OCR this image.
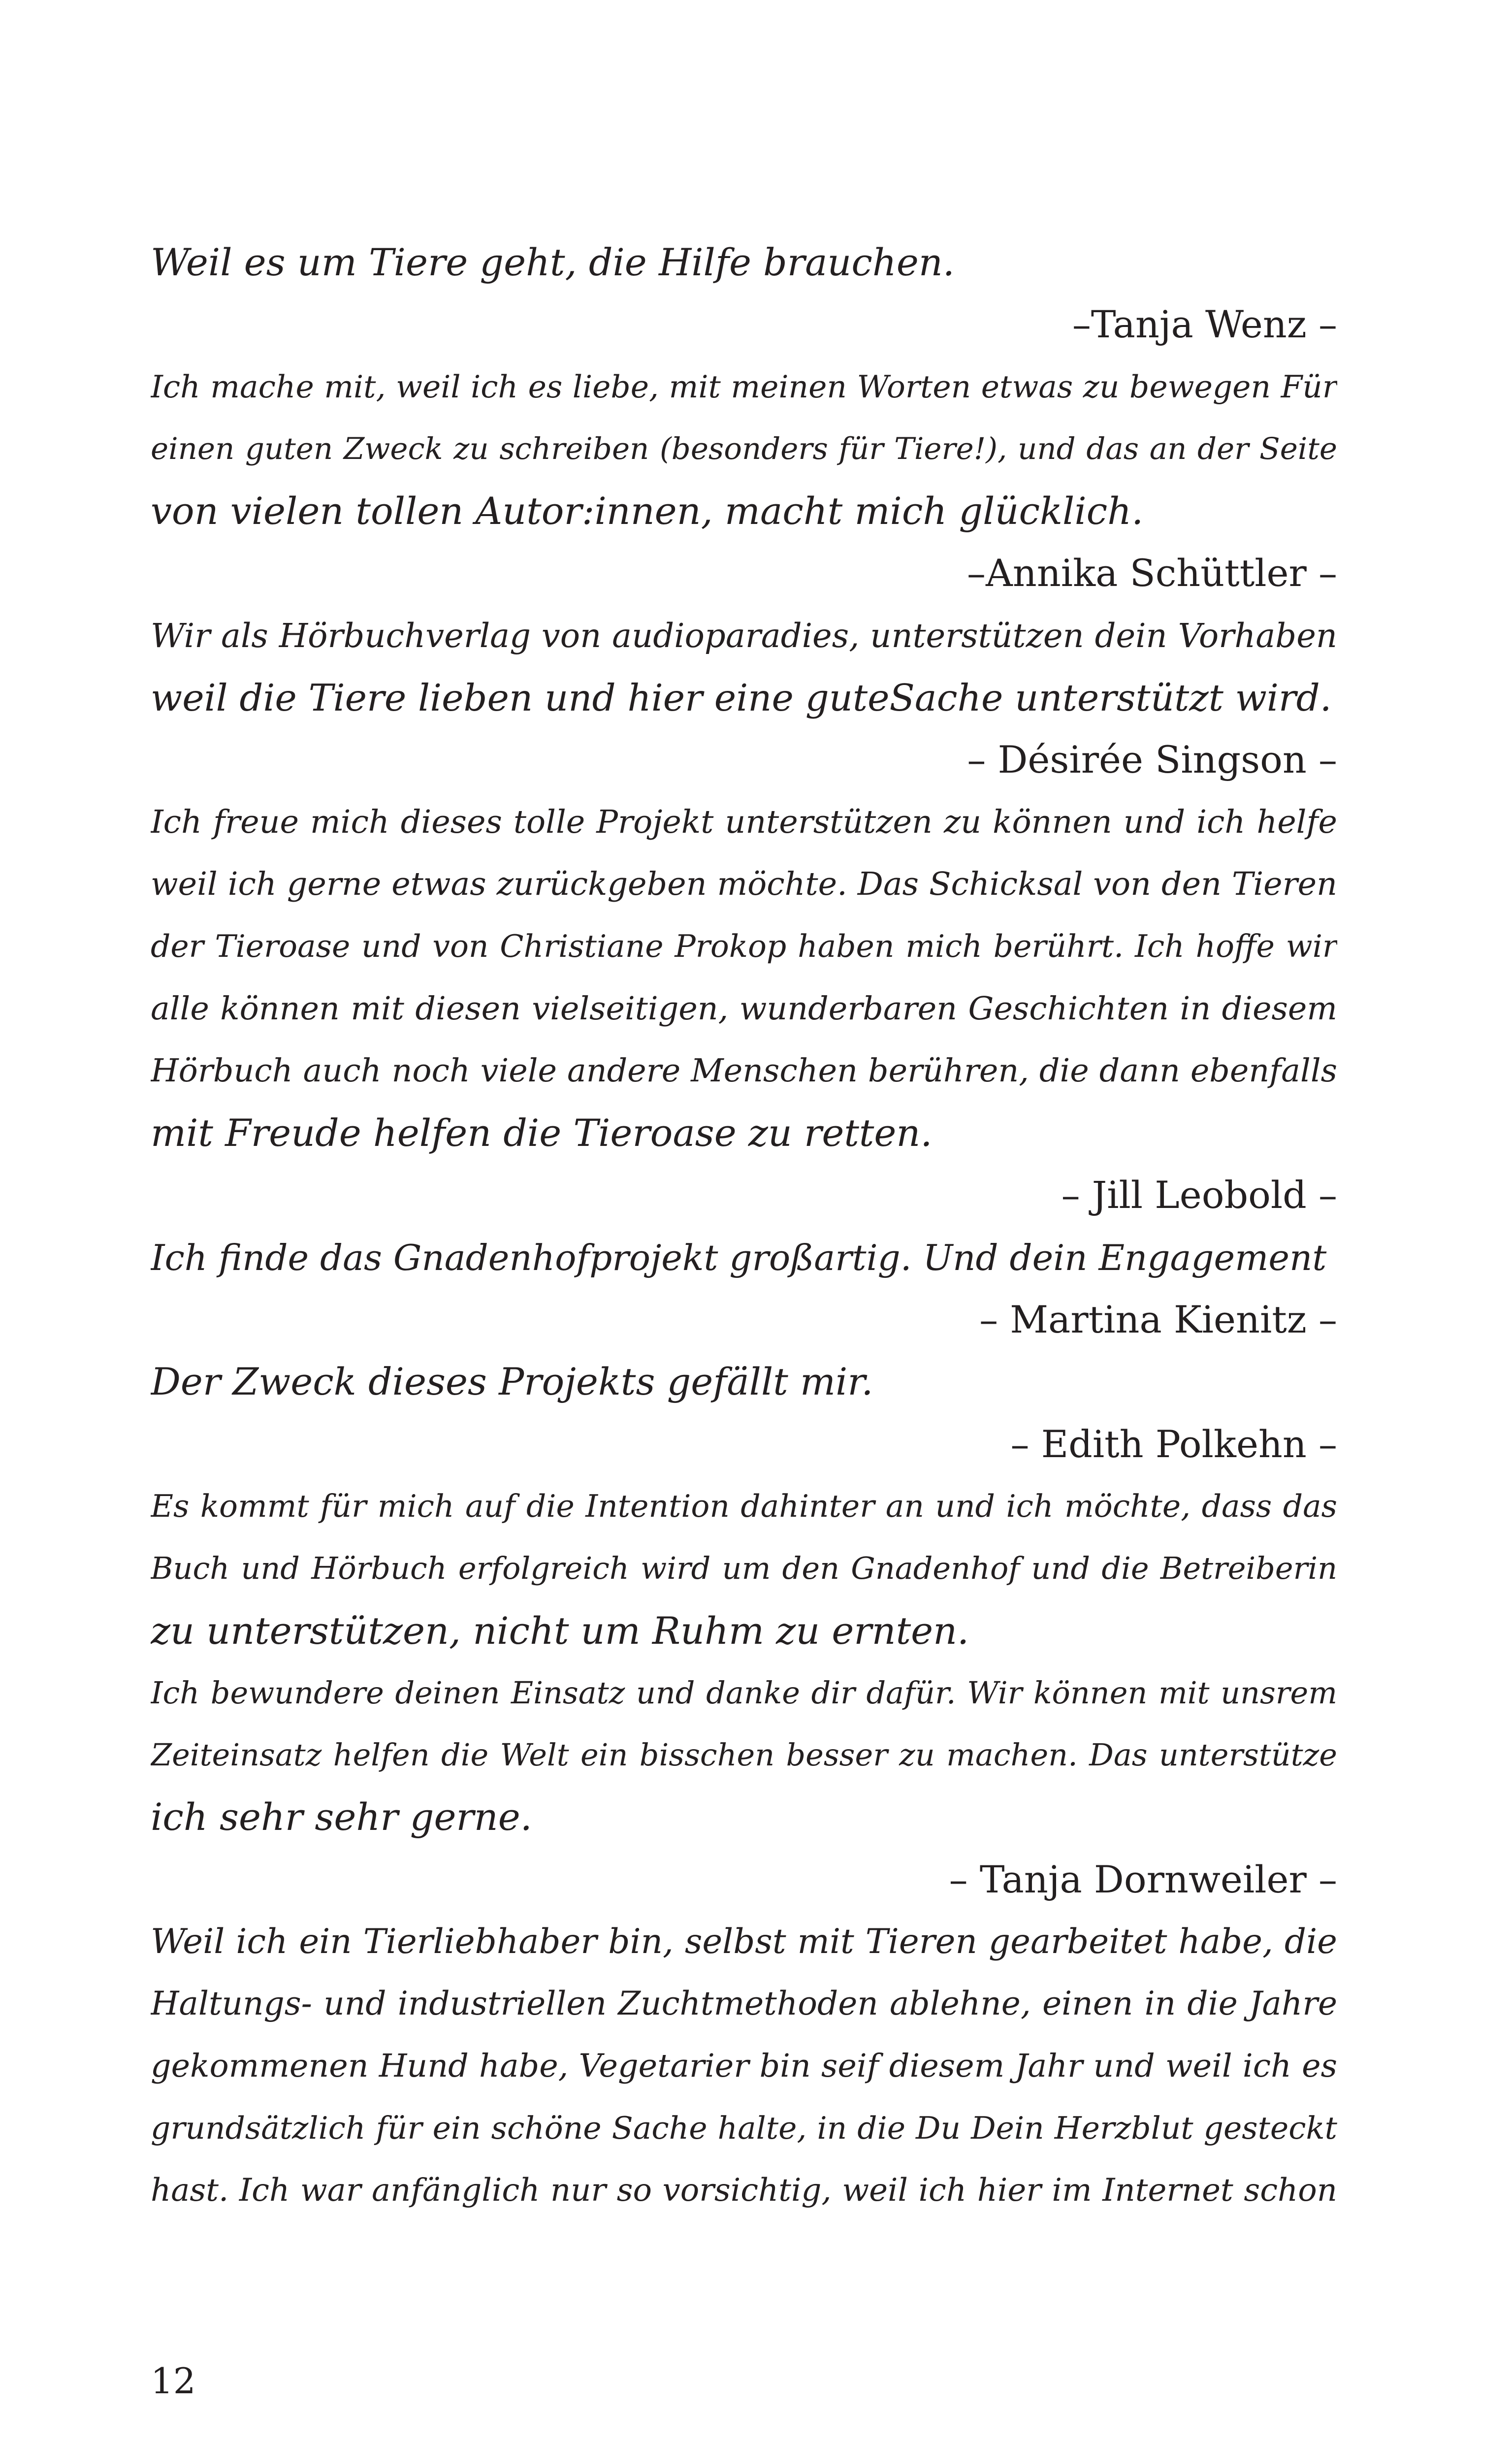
Weil es um Tiere geht, die Hilfe brauchen.
–Tanja Wenz –
Ich mache mit, weil ich es liebe, mit meinen Worten etwas zu bewegen Für
einen guten Zweck zu schreiben (besonders für Tiere!), und das an der Seite
von vielen tollen Autor:innen, macht mich glücklich.
–Annika Schüttler –
Wir als Hörbuchverlag von audioparadies, unterstützen dein Vorhaben
weil die Tiere lieben und hier eine guteSache unterstützt wird.
– Désirée Singson –
Ich freue mich dieses tolle Projekt unterstützen zu können und ich helfe
weil ich gerne etwas zurückgeben möchte. Das Schicksal von den Tieren
der Tieroase und von Christiane Prokop haben mich berührt. Ich hoffe wir
alle können mit diesen vielseitigen, wunderbaren Geschichten in diesem
Hörbuch auch noch viele andere Menschen berühren, die dann ebenfalls
mit Freude helfen die Tieroase zu retten.
– Jill Leobold –
Ich finde das Gnadenhofprojekt großartig. Und dein Engagement
– Martina Kienitz –
Der Zweck dieses Projekts gefällt mir.
– Edith Polkehn –
Es kommt für mich auf die Intention dahinter an und ich möchte, dass das
Buch und Hörbuch erfolgreich wird um den Gnadenhof und die Betreiberin
zu unterstützen, nicht um Ruhm zu ernten.
Ich bewundere deinen Einsatz und danke dir dafür. Wir können mit unsrem
Zeiteinsatz helfen die Welt ein bisschen besser zu machen. Das unterstütze
ich sehr sehr gerne.
– Tanja Dornweiler –
Weil ich ein Tierliebhaber bin, selbst mit Tieren gearbeitet habe, die
Haltungs- und industriellen Zuchtmethoden ablehne, einen in die Jahre
gekommenen Hund habe, Vegetarier bin seif diesem Jahr und weil ich es
grundsätzlich für ein schöne Sache halte, in die Du Dein Herzblut gesteckt
hast. Ich war anfänglich nur so vorsichtig, weil ich hier im Internet schon
12
